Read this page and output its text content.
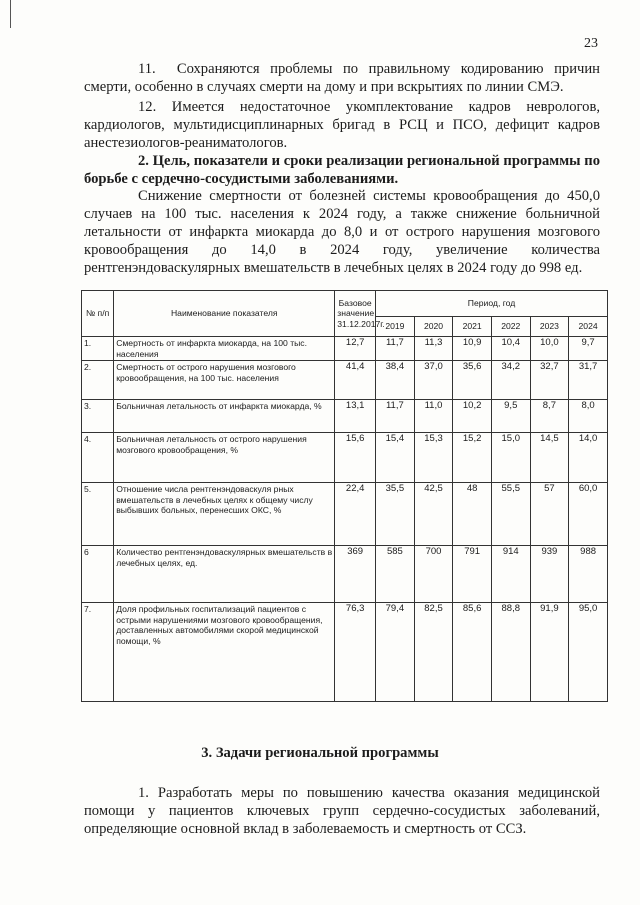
23

11.  Сохраняются проблемы по правильному кодированию причин смерти, особенно в случаях смерти на дому и при вскрытиях по линии СМЭ.

12. Имеется недостаточное укомплектование кадров неврологов, кардиологов, мультидисциплинарных бригад в РСЦ и ПСО, дефицит кадров анестезиологов-реаниматологов.

2. Цель, показатели и сроки реализации региональной программы по борьбе с сердечно-сосудистыми заболеваниями.

Снижение смертности от болезней системы кровообращения до 450,0 случаев на 100 тыс. населения к 2024 году, а также снижение больничной летальности от инфаркта миокарда до 8,0 и от острого нарушения мозгового кровообращения до 14,0 в 2024 году, увеличение количества рентгенэндоваскулярных вмешательств в лечебных целях в 2024 году до 998 ед.

№ п/п	Наименование показателя	Базовое значение 31.12.2017г.	Период, год					
			2019	2020	2021	2022	2023	2024
1.	Смертность от инфаркта миокарда, на 100 тыс. населения	12,7	11,7	11,3	10,9	10,4	10,0	9,7
2.	Смертность от острого нарушения мозгового кровообращения, на 100 тыс. населения	41,4	38,4	37,0	35,6	34,2	32,7	31,7
3.	Больничная летальность от инфаркта миокарда, %	13,1	11,7	11,0	10,2	9,5	8,7	8,0
4.	Больничная летальность от острого нарушения мозгового кровообращения, %	15,6	15,4	15,3	15,2	15,0	14,5	14,0
5.	Отношение числа рентгенэндоваскуля рных вмешательств в лечебных целях к общему числу выбывших больных, перенесших ОКС, %	22,4	35,5	42,5	48	55,5	57	60,0
6	Количество рентгенэндоваскулярных вмешательств в лечебных целях, ед.	369	585	700	791	914	939	988
7.	Доля профильных госпитализаций пациентов с острыми нарушениями мозгового кровообращения, доставленных автомобилями скорой медицинской помощи, %	76,3	79,4	82,5	85,6	88,8	91,9	95,0

3. Задачи региональной программы

1. Разработать меры по повышению качества оказания медицинской помощи у пациентов ключевых групп сердечно-сосудистых заболеваний, определяющие основной вклад в заболеваемость и смертность от ССЗ.
